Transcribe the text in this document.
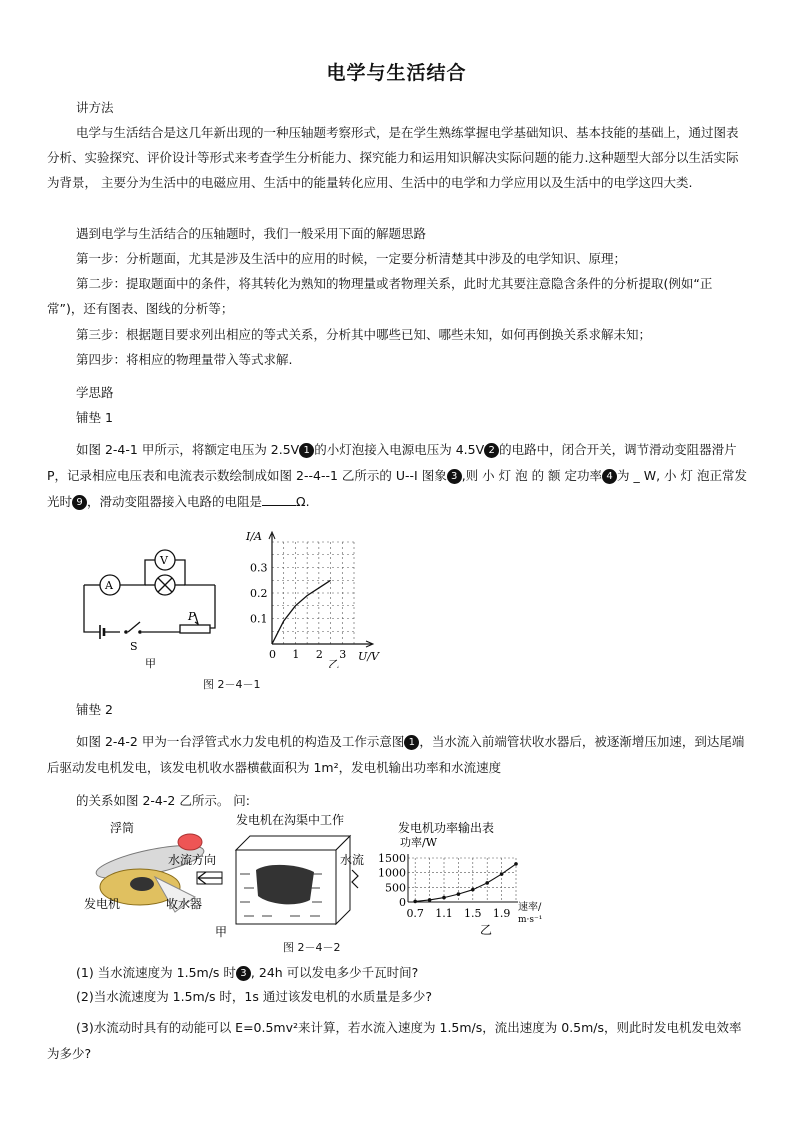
电学与生活结合
讲方法
电学与生活结合是这几年新出现的一种压轴题考察形式，是在学生熟练掌握电学基础知识、基本技能的基础上，通过图表分析、实验探究、评价设计等形式来考查学生分析能力、探究能力和运用知识解决实际问题的能力.这种题型大部分以生活实际为背景， 主要分为生活中的电磁应用、生活中的能量转化应用、生活中的电学和力学应用以及生活中的电学这四大类.
遇到电学与生活结合的压轴题时，我们一般采用下面的解题思路
第一步：分析题面，尤其是涉及生活中的应用的时候，一定要分析清楚其中涉及的电学知识、原理；
第二步：提取题面中的条件，将其转化为熟知的物理量或者物理关系，此时尤其要注意隐含条件的分析提取(例如“正常”)，还有图表、图线的分析等；
第三步：根据题目要求列出相应的等式关系，分析其中哪些已知、哪些未知，如何再倒换关系求解未知；
第四步：将相应的物理量带入等式求解.
学思路
铺垫 1
如图 2-4-1 甲所示，将额定电压为 2.5V 1 的小灯泡接入电源电压为 4.5V 2 的电路中，闭合开关，调节滑动变阻器滑片 P，记录相应电压表和电流表示数绘制成如图 2--4--1 乙所示的 U--I 图象 3 ,则 小 灯 泡 的 额 定功率 4 为 _ W, 小 灯 泡正常发光时 9 ，滑动变阻器接入电路的电阻是	Ω.
A
V
P
S
甲
I/A
U/V
0 1 2 3
0.1
0.2
0.3
乙
图 2－4－1
铺垫 2
如图 2-4-2 甲为一台浮管式水力发电机的构造及工作示意图 1 ，当水流入前端管状收水器后，被逐渐增压加速，到达尾端后驱动发电机发电，该发电机收水器横截面积为 1m²，发电机输出功率和水流速度
的关系如图 2-4-2 乙所示。 问:
浮筒
水流方向
发电机	收水器
甲
发电机在沟渠中工作
水流
发电机功率输出表
功率/W
0
500
1000
1500
0.7 1.1 1.5 1.9 速率/
m·s⁻¹
乙
图 2－4－2
(1) 当水流速度为 1.5m/s 时 3 , 24h 可以发电多少千瓦时间?
(2)当水流速度为 1.5m/s 时，1s 通过该发电机的水质量是多少?
(3)水流动时具有的动能可以 E=0.5mv²来计算，若水流入速度为 1.5m/s，流出速度为 0.5m/s，则此时发电机发电效率为多少?
